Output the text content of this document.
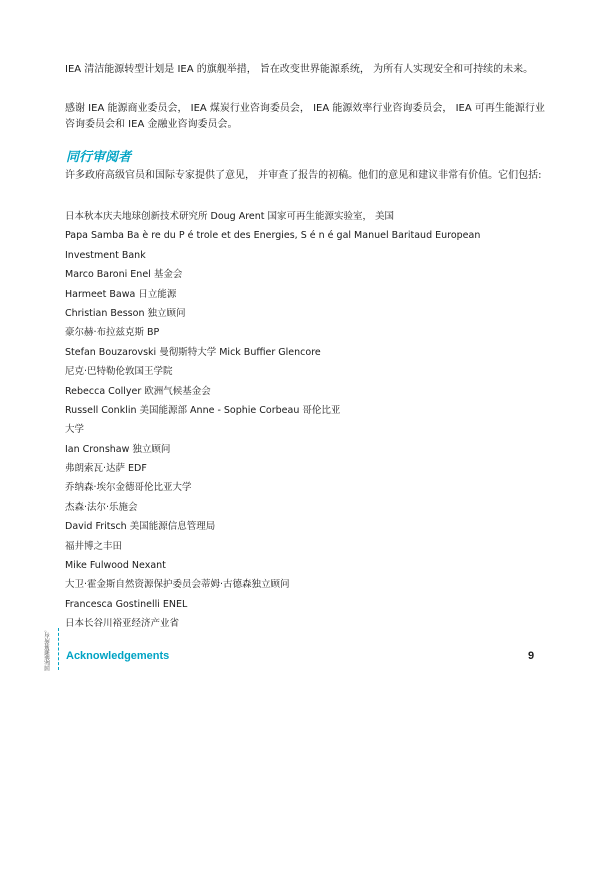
IEA 清洁能源转型计划是 IEA 的旗舰举措， 旨在改变世界能源系统， 为所有人实现安全和可持续的未来。

感谢 IEA 能源商业委员会， IEA 煤炭行业咨询委员会， IEA 能源效率行业咨询委员会， IEA 可再生能源行业咨询委员会和 IEA 金融业咨询委员会。

同行审阅者

许多政府高级官员和国际专家提供了意见， 并审查了报告的初稿。他们的意见和建议非常有价值。它们包括:

日本秋本庆夫地球创新技术研究所 Doug Arent 国家可再生能源实验室， 美国
Papa Samba Ba è re du P é trole et des Energies, S é n é gal Manuel Baritaud European
Investment Bank
Marco Baroni Enel 基金会
Harmeet Bawa 日立能源
Christian Besson 独立顾问
豪尔赫·布拉兹克斯 BP
Stefan Bouzarovski 曼彻斯特大学 Mick Buffier Glencore
尼克·巴特勒伦敦国王学院
Rebecca Collyer 欧洲气候基金会
Russell Conklin 美国能源部 Anne - Sophie Corbeau 哥伦比亚
大学
Ian Cronshaw 独立顾问
弗朗索瓦·达萨 EDF
乔纳森·埃尔金德哥伦比亚大学
杰森·法尔·乐施会
David Fritsch 美国能源信息管理局
福井博之丰田
Mike Fulwood Nexant
大卫·霍金斯自然资源保护委员会蒂姆·古德森独立顾问
Francesca Gostinelli ENEL
日本长谷川裕亚经济产业省
国际能源署所有。	Acknowledgements	9
